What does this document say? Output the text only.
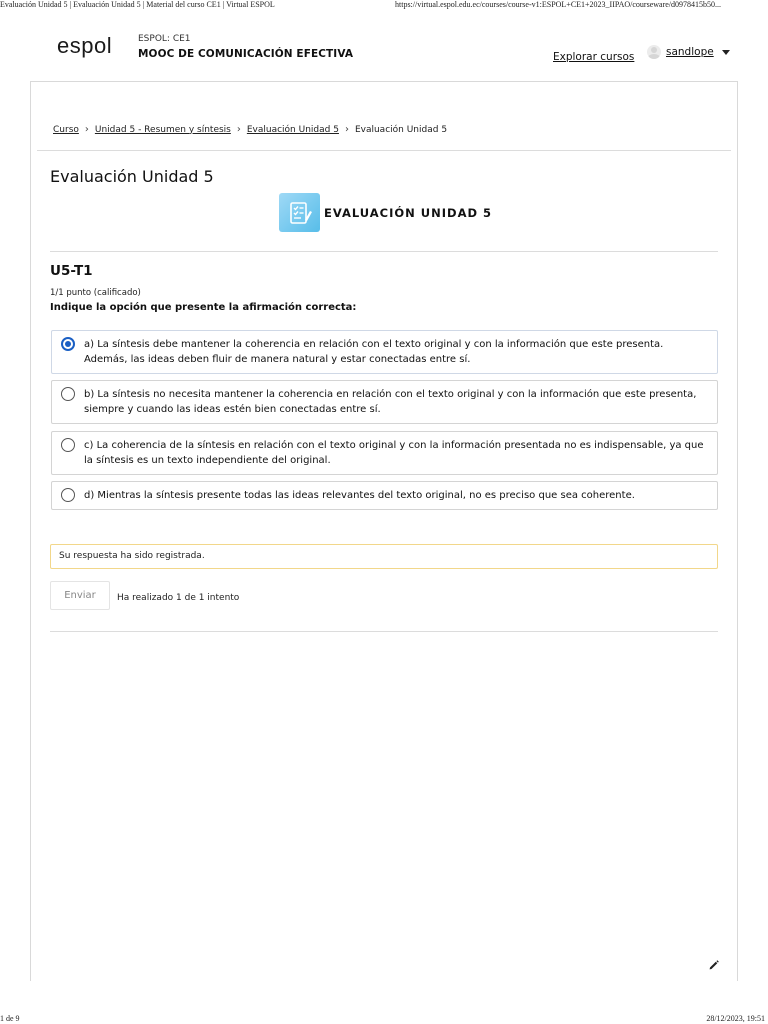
Evaluación Unidad 5 | Evaluación Unidad 5 | Material del curso CE1 | Virtual ESPOL	https://virtual.espol.edu.ec/courses/course-v1:ESPOL+CE1+2023_IIPAO/courseware/d0978415b50...
espol	ESPOL: CE1
MOOC DE COMUNICACIÓN EFECTIVA	Explorar cursos	sandlope
Curso › Unidad 5 - Resumen y síntesis › Evaluación Unidad 5 › Evaluación Unidad 5
Evaluación Unidad 5
EVALUACIÓN UNIDAD 5
U5-T1
1/1 punto (calificado)
Indique la opción que presente la afirmación correcta:
a) La síntesis debe mantener la coherencia en relación con el texto original y con la información que este presenta. Además, las ideas deben fluir de manera natural y estar conectadas entre sí.
b) La síntesis no necesita mantener la coherencia en relación con el texto original y con la información que este presenta, siempre y cuando las ideas estén bien conectadas entre sí.
c) La coherencia de la síntesis en relación con el texto original y con la información presentada no es indispensable, ya que la síntesis es un texto independiente del original.
d) Mientras la síntesis presente todas las ideas relevantes del texto original, no es preciso que sea coherente.
Su respuesta ha sido registrada.
Enviar	Ha realizado 1 de 1 intento
1 de 9	28/12/2023, 19:51
